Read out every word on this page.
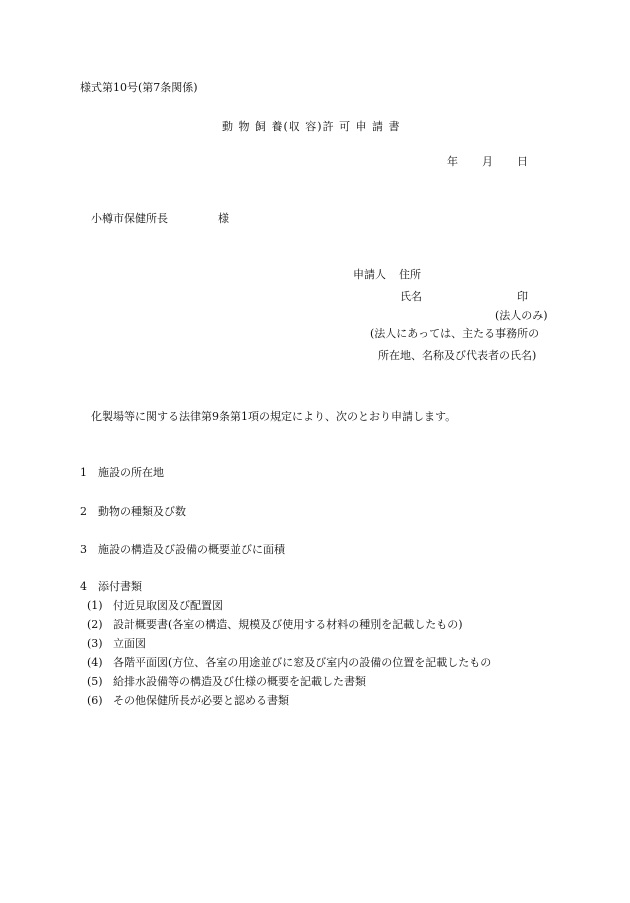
様式第10号(第7条関係)
動 物 飼 養(収 容)許 可 申 請 書
年 月 日
小樽市保健所長	様
申請人 住所
氏名	印
(法人のみ)
(法人にあっては、主たる事務所の
所在地、名称及び代表者の氏名)
化製場等に関する法律第9条第1項の規定により、次のとおり申請します。
1 施設の所在地
2 動物の種類及び数
3 施設の構造及び設備の概要並びに面積
4 添付書類
(1) 付近見取図及び配置図
(2) 設計概要書(各室の構造、規模及び使用する材料の種別を記載したもの)
(3) 立面図
(4) 各階平面図(方位、各室の用途並びに窓及び室内の設備の位置を記載したもの
(5) 給排水設備等の構造及び仕様の概要を記載した書類
(6) その他保健所長が必要と認める書類
